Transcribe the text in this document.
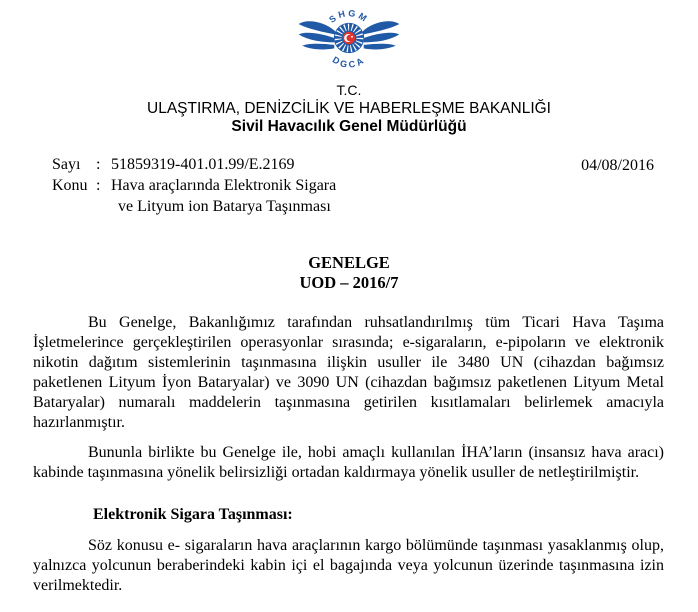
SHGM
DGCA
T.C.
ULAŞTIRMA, DENİZCİLİK VE HABERLEŞME BAKANLIĞI
Sivil Havacılık Genel Müdürlüğü
Sayı : 51859319-401.01.99/E.2169
Konu : Hava araçlarında Elektronik Sigara
ve Lityum ion Batarya Taşınması
04/08/2016
GENELGE
UOD – 2016/7

Bu Genelge, Bakanlığımız tarafından ruhsatlandırılmış tüm Ticari Hava Taşıma İşletmelerince gerçekleştirilen operasyonlar sırasında; e-sigaraların, e-pipoların ve elektronik nikotin dağıtım sistemlerinin taşınmasına ilişkin usuller ile 3480 UN (cihazdan bağımsız paketlenen Lityum İyon Bataryalar) ve 3090 UN (cihazdan bağımsız paketlenen Lityum Metal Bataryalar) numaralı maddelerin taşınmasına getirilen kısıtlamaları belirlemek amacıyla hazırlanmıştır.

Bununla birlikte bu Genelge ile, hobi amaçlı kullanılan İHA’ların (insansız hava aracı) kabinde taşınmasına yönelik belirsizliği ortadan kaldırmaya yönelik usuller de netleştirilmiştir.

Elektronik Sigara Taşınması:

Söz konusu e- sigaraların hava araçlarının kargo bölümünde taşınması yasaklanmış olup, yalnızca yolcunun beraberindeki kabin içi el bagajında veya yolcunun üzerinde taşınmasına izin verilmektedir.
